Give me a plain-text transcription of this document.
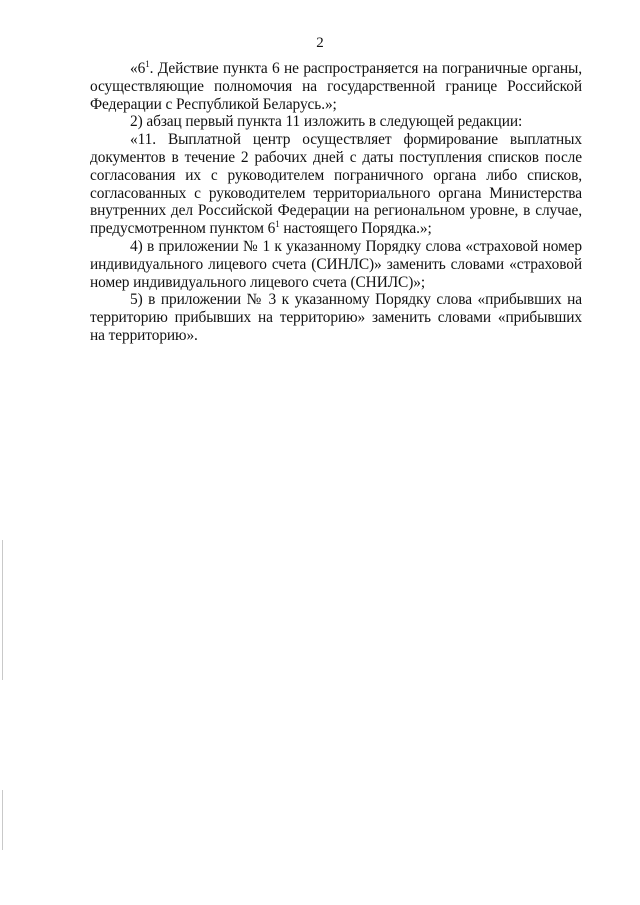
2
«$6^1$. Действие пункта 6 не распространяется на пограничные органы,
осуществляющие полномочия на государственной границе Российской
Федерации с Республикой Беларусь.»;
2) абзац первый пункта 11 изложить в следующей редакции:
«11. Выплатной центр осуществляет формирование выплатных
документов в течение 2 рабочих дней с даты поступления списков после
согласования их с руководителем пограничного органа либо списков,
согласованных с руководителем территориального органа Министерства
внутренних дел Российской Федерации на региональном уровне, в случае,
предусмотренном пунктом $6^1$ настоящего Порядка.»;
4) в приложении № 1 к указанному Порядку слова «страховой номер
индивидуального лицевого счета (СИНЛС)» заменить словами «страховой
номер индивидуального лицевого счета (СНИЛС)»;
5) в приложении № 3 к указанному Порядку слова «прибывших на
территорию прибывших на территорию» заменить словами «прибывших
на территорию».
